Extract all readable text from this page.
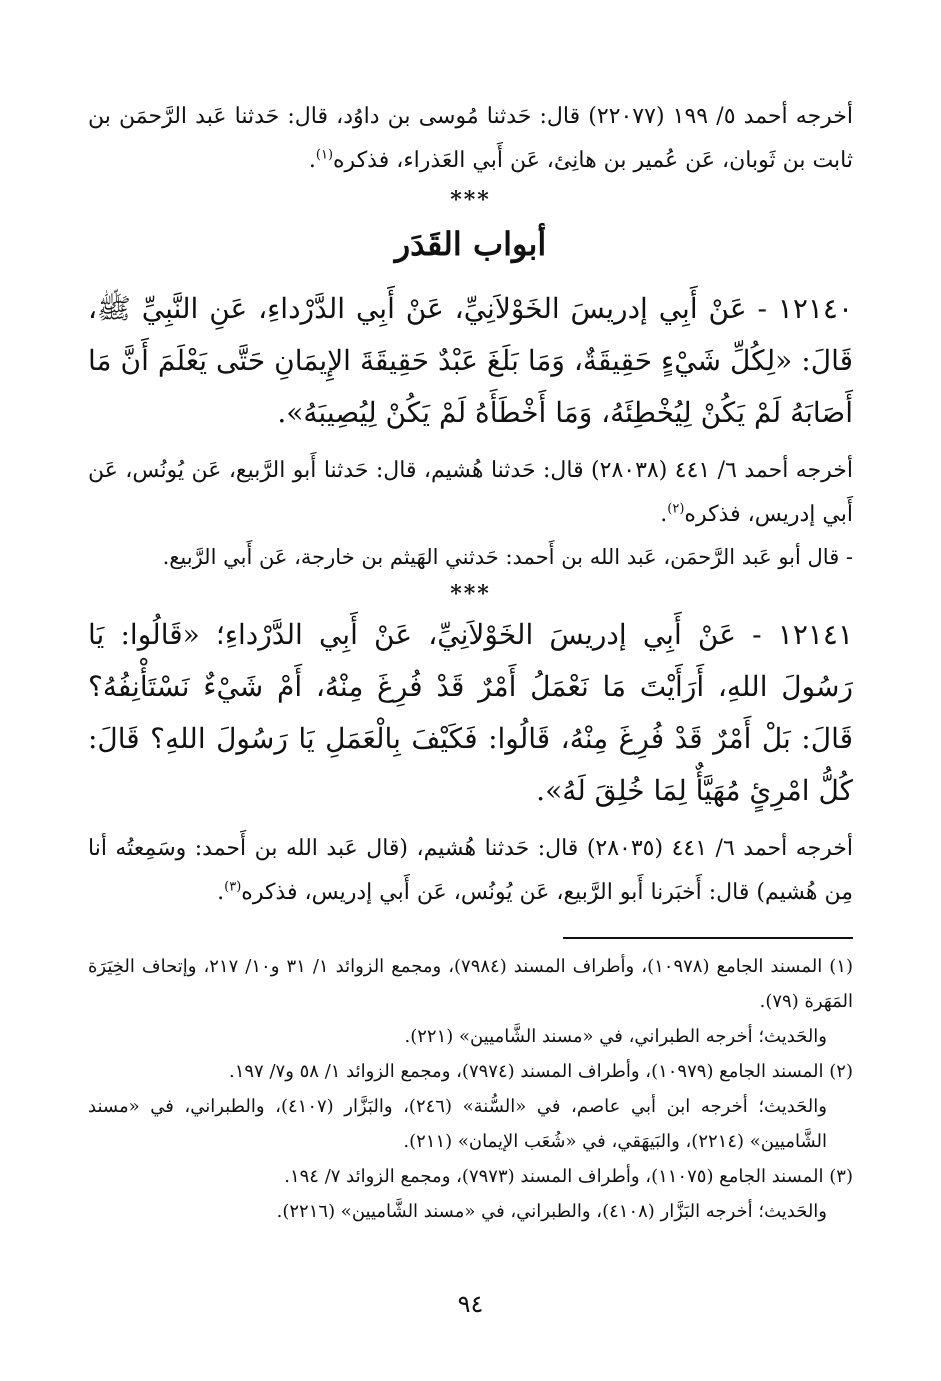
أخرجه أحمد ٥/ ١٩٩ (٢٢٠٧٧) قال: حَدثنا مُوسى بن داوُد، قال: حَدثنا عَبد الرَّحمَن بن ثابت بن ثَوبان، عَن عُمير بن هانِئ، عَن أَبي العَذراء، فذكره$^{(١)}$.

***
أبواب القَدَر

١٢١٤٠ - عَنْ أَبِي إدريسَ الخَوْلاَنِيِّ، عَنْ أَبِي الدَّرْداءِ، عَنِ النَّبِيِّ ﷺ، قَالَ: «لِكُلِّ شَيْءٍ حَقِيقَةٌ، وَمَا بَلَغَ عَبْدٌ حَقِيقَةَ الإِيمَانِ حَتَّى يَعْلَمَ أَنَّ مَا أَصَابَهُ لَمْ يَكُنْ لِيُخْطِئَهُ، وَمَا أَخْطَأَهُ لَمْ يَكُنْ لِيُصِيبَهُ».

أخرجه أحمد ٦/ ٤٤١ (٢٨٠٣٨) قال: حَدثنا هُشيم، قال: حَدثنا أَبو الرَّبيع، عَن يُونُس، عَن أَبي إدريس، فذكره$^{(٢)}$.

- قال أبو عَبد الرَّحمَن، عَبد الله بن أَحمد: حَدثني الهَيثم بن خارجة، عَن أَبي الرَّبيع.

***

١٢١٤١ - عَنْ أَبِي إدريسَ الخَوْلاَنِيِّ، عَنْ أَبِي الدَّرْداءِ؛ «قَالُوا: يَا رَسُولَ اللهِ، أَرَأَيْتَ مَا نَعْمَلُ أَمْرٌ قَدْ فُرِغَ مِنْهُ، أَمْ شَيْءٌ نَسْتَأْنِفُهُ؟ قَالَ: بَلْ أَمْرٌ قَدْ فُرِغَ مِنْهُ، قَالُوا: فَكَيْفَ بِالْعَمَلِ يَا رَسُولَ اللهِ؟ قَالَ: كُلُّ امْرِئٍ مُهَيَّأٌ لِمَا خُلِقَ لَهُ».

أخرجه أحمد ٦/ ٤٤١ (٢٨٠٣٥) قال: حَدثنا هُشيم، (قال عَبد الله بن أَحمد: وسَمِعتُه أنا مِن هُشيم) قال: أَخبَرنا أَبو الرَّبيع، عَن يُونُس، عَن أَبي إدريس، فذكره$^{(٣)}$.

(١) المسند الجامع (١٠٩٧٨)، وأطراف المسند (٧٩٨٤)، ومجمع الزوائد ١/ ٣١ و١٠/ ٢١٧، وإتحاف الخِيَرَة المَهَرة (٧٩).

والحَديث؛ أخرجه الطبراني، في «مسند الشَّاميين» (٢٢١).

(٢) المسند الجامع (١٠٩٧٩)، وأطراف المسند (٧٩٧٤)، ومجمع الزوائد ١/ ٥٨ و٧/ ١٩٧.

والحَديث؛ أخرجه ابن أبي عاصم، في «السُّنة» (٢٤٦)، والبَزَّار (٤١٠٧)، والطبراني، في «مسند الشَّاميين» (٢٢١٤)، والبَيهَقي، في «شُعَب الإيمان» (٢١١).

(٣) المسند الجامع (١١٠٧٥)، وأطراف المسند (٧٩٧٣)، ومجمع الزوائد ٧/ ١٩٤.

والحَديث؛ أخرجه البَزَّار (٤١٠٨)، والطبراني، في «مسند الشَّاميين» (٢٢١٦).

٩٤
